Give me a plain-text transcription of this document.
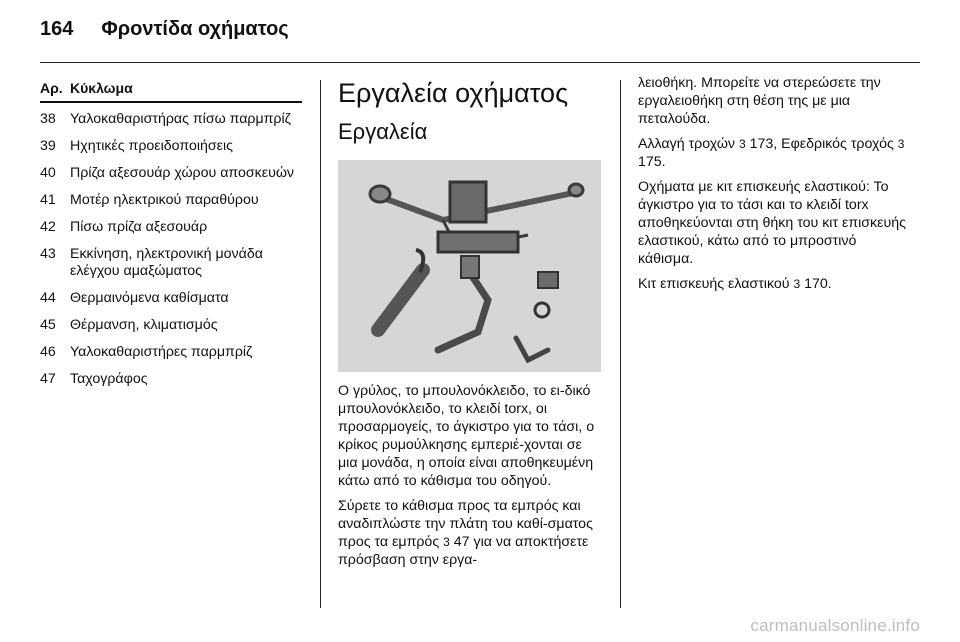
164 Φροντίδα οχήματος
Αρ. Κύκλωμα
38	Υαλοκαθαριστήρας πίσω παρμπρίζ
39	Ηχητικές προειδοποιήσεις
40	Πρίζα αξεσουάρ χώρου αποσκευών
41	Μοτέρ ηλεκτρικού παραθύρου
42	Πίσω πρίζα αξεσουάρ
43	Εκκίνηση, ηλεκτρονική μονάδα ελέγχου αμαξώματος
44	Θερμαινόμενα καθίσματα
45	Θέρμανση, κλιματισμός
46	Υαλοκαθαριστήρες παρμπρίζ
47	Ταχογράφος
Εργαλεία οχήματος
Εργαλεία

Ο γρύλος, το μπουλονόκλειδο, το ει-δικό μπουλονόκλειδο, το κλειδί torx, οι προσαρμογείς, το άγκιστρο για το τάσι, ο κρίκος ρυμούλκησης εμπεριέ-χονται σε μια μονάδα, η οποία είναι αποθηκευμένη κάτω από το κάθισμα του οδηγού.

Σύρετε το κάθισμα προς τα εμπρός και αναδιπλώστε την πλάτη του καθί-σματος προς τα εμπρός 3 47 για να αποκτήσετε πρόσβαση στην εργα-

λειοθήκη. Μπορείτε να στερεώσετε την εργαλειοθήκη στη θέση της με μια πεταλούδα.

Αλλαγή τροχών 3 173, Εφεδρικός τροχός 3 175.

Οχήματα με κιτ επισκευής ελαστικού: Το άγκιστρο για το τάσι και το κλειδί torx αποθηκεύονται στη θήκη του κιτ επισκευής ελαστικού, κάτω από το μπροστινό κάθισμα.

Κιτ επισκευής ελαστικού 3 170.

carmanualsonline.info
